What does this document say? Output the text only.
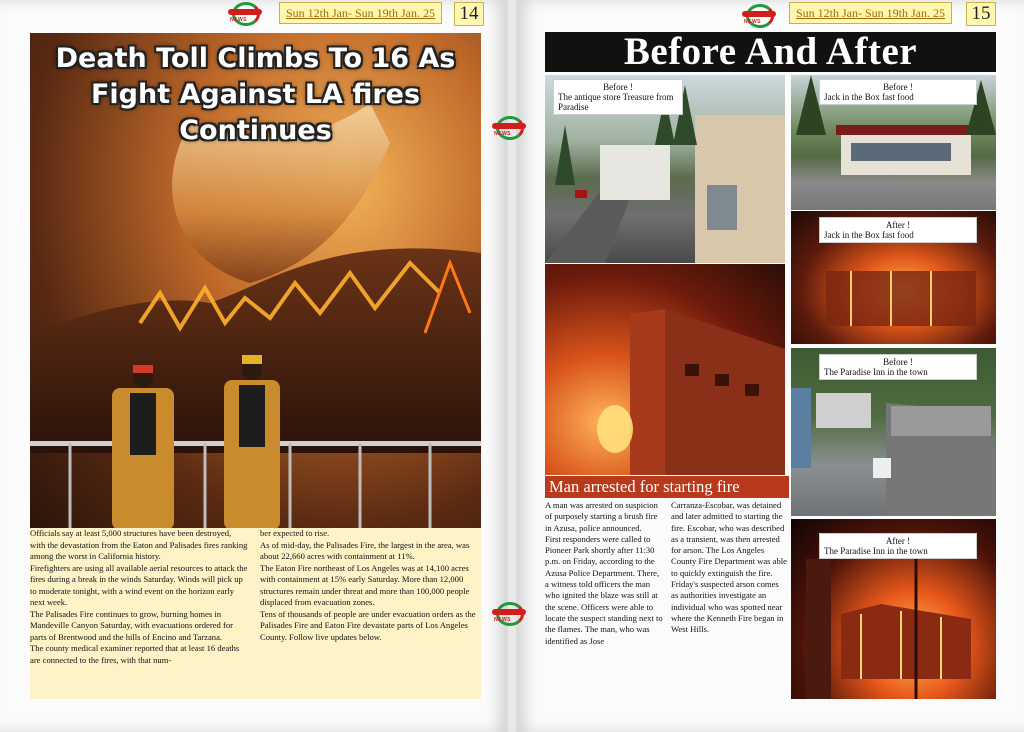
NEWS	Sun 12th Jan- Sun 19th Jan. 25	14	NEWS
Sun 12th Jan- Sun 19th Jan. 25	15
NEWS
NEWS
Death Toll Climbs To 16 As Fight Against LA fires Continues

Officials say at least 5,000 structures have been destroyed, with the devastation from the Eaton and Palisades fires ranking among the worst in California history.

Firefighters are using all available aerial resources to attack the fires during a break in the winds Saturday. Winds will pick up to moderate tonight, with a wind event on the horizon early next week.

The Palisades Fire continues to grow, burning homes in Mandeville Canyon Saturday, with evacuations ordered for parts of Brentwood and the hills of Encino and Tarzana.

The county medical examiner reported that at least 16 deaths are connected to the fires, with that num-

ber expected to rise.

As of mid-day, the Palisades Fire, the largest in the area, was about 22,660 acres with containment at 11%.

The Eaton Fire northeast of Los Angeles was at 14,100 acres with containment at 15% early Saturday. More than 12,000 structures remain under threat and more than 100,000 people displaced from evacuation zones.

Tens of thousands of people are under evacuation orders as the Palisades Fire and Eaton Fire devastate parts of Los Angeles County. Follow live updates below.

Before And After
Before !
The antique store Treasure from Paradise
Before !
Jack in the Box fast food
After !
Jack in the Box fast food
Before !
The Paradise Inn in the town
After !
The Paradise Inn in the town
Man arrested for starting fire

A man was arrested on suspicion of purposely starting a brush fire in Azusa, police announced.

First responders were called to Pioneer Park shortly after 11:30 p.m. on Friday, according to the Azusa Police Department. There, a witness told officers the man who ignited the blaze was still at the scene. Officers were able to locate the suspect standing next to the flames. The man, who was identified as Jose

Carranza-Escobar, was detained and later admitted to starting the fire. Escobar, who was described as a transient, was then arrested for arson. The Los Angeles County Fire Department was able to quickly extinguish the fire.

Friday's suspected arson comes as authorities investigate an individual who was spotted near where the Kenneth Fire began in West Hills.
